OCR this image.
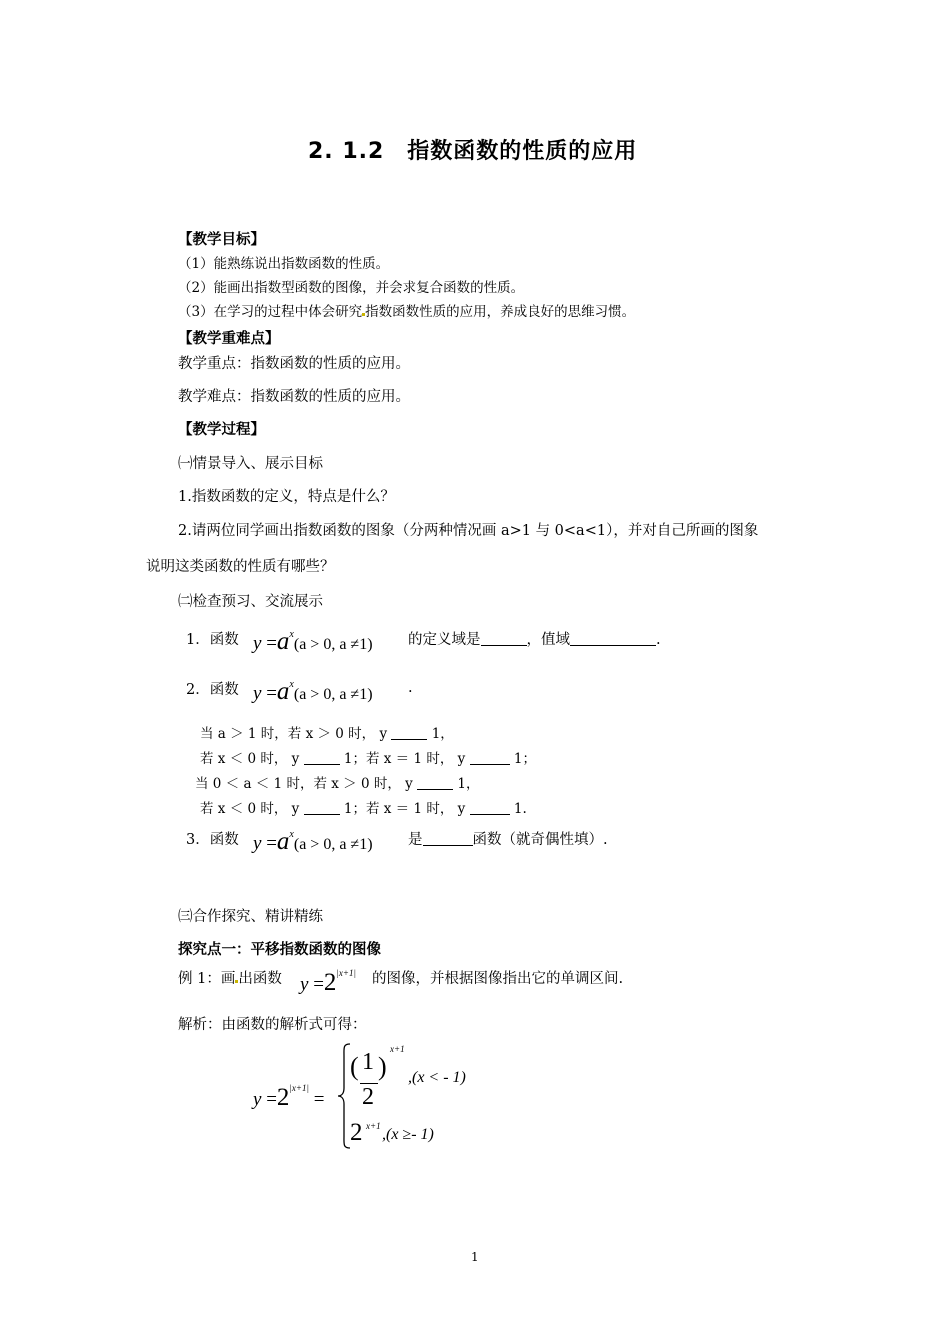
2. 1.2　指数函数的性质的应用
【教学目标】
（1）能熟练说出指数函数的性质。
（2）能画出指数型函数的图像，并会求复合函数的性质。
（3）在学习的过程中体会研究 指数函数性质的应用，养成良好的思维习惯。
【教学重难点】
教学重点：指数函数的性质的应用。
教学难点：指数函数的性质的应用。
【教学过程】
㈠情景导入、展示目标
1.指数函数的定义，特点是什么？
2.请两位同学画出指数函数的图象（分两种情况画 a>1 与 0<a<1），并对自己所画的图象
说明这类函数的性质有哪些？
㈡检查预习、交流展示
1．函数 $y =a^x(a > 0$, a ≠1) 的定义域是	，值域	.
2．函数 $y =a^x(a > 0$, a ≠1) .
当 a ＞ 1 时，若 x ＞ 0 时， y	1，
若 x ＜ 0 时， y	1；若 x ＝ 1 时， y	1；
当 0 ＜ a ＜ 1 时，若 x ＞ 0 时， y	1，
若 x ＜ 0 时， y	1；若 x ＝ 1 时， y	1.
3．函数 $y =a^x(a > 0$, a ≠1) 是	函数（就奇偶性填）.
㈢合作探究、精讲精练
探究点一：平移指数函数的图像
例 1：画 出函数 $y =2^{|x+1|}$ 的图像，并根据图像指出它的单调区间.
解析：由函数的解析式可得：
$y =2^{|x+1|}$ =
( 1
2
)
x+1
,(x < - 1)
2 x+1 ,(x ≥- 1)
1
